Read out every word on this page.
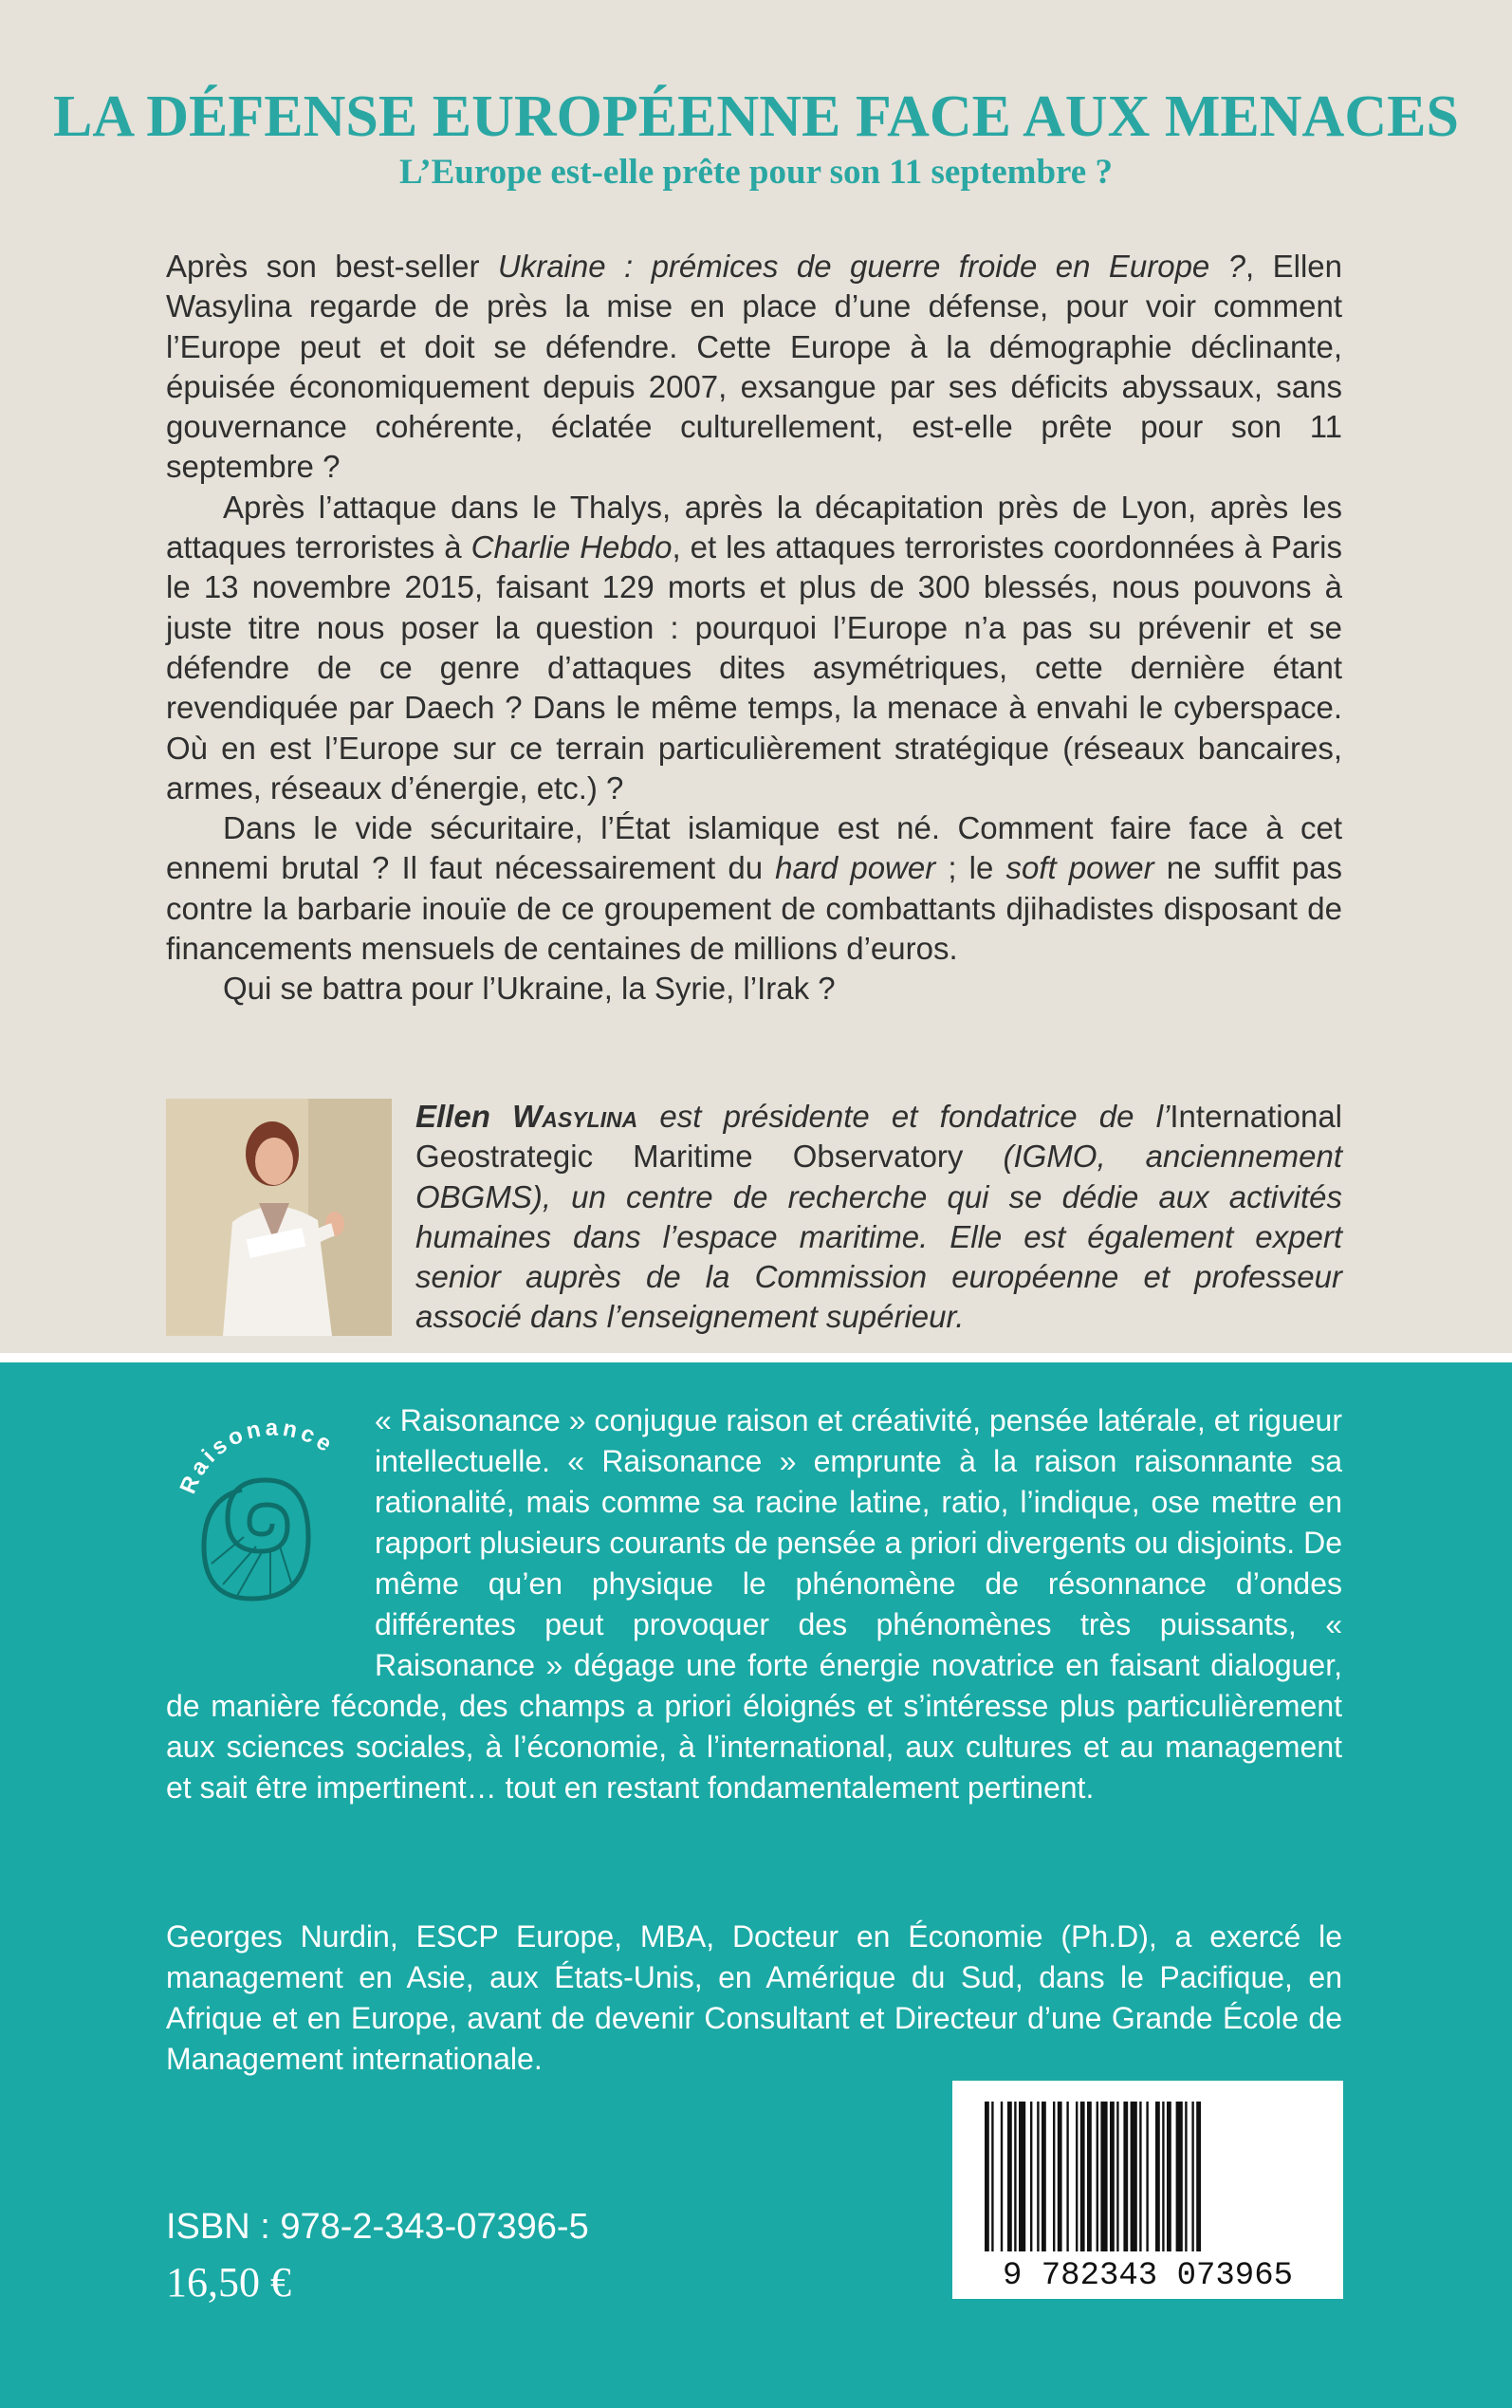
LA DÉFENSE EUROPÉENNE FACE AUX MENACES
L’Europe est-elle prête pour son 11 septembre ?

Après son best-seller Ukraine : prémices de guerre froide en Europe ?, Ellen Wasylina regarde de près la mise en place d’une défense, pour voir comment l’Europe peut et doit se défendre. Cette Europe à la démographie déclinante, épuisée économiquement depuis 2007, exsangue par ses déficits abyssaux, sans gouvernance cohérente, éclatée culturellement, est-elle prête pour son 11 septembre ?

Après l’attaque dans le Thalys, après la décapitation près de Lyon, après les attaques terroristes à Charlie Hebdo, et les attaques terroristes coordonnées à Paris le 13 novembre 2015, faisant 129 morts et plus de 300 blessés, nous pouvons à juste titre nous poser la question : pourquoi l’Europe n’a pas su prévenir et se défendre de ce genre d’attaques dites asymétriques, cette dernière étant revendiquée par Daech ? Dans le même temps, la menace à envahi le cyberspace. Où en est l’Europe sur ce terrain particulièrement stratégique (réseaux bancaires, armes, réseaux d’énergie, etc.) ?

Dans le vide sécuritaire, l’État islamique est né. Comment faire face à cet ennemi brutal ? Il faut nécessairement du hard power ; le soft power ne suffit pas contre la barbarie inouïe de ce groupement de combattants djihadistes disposant de financements mensuels de centaines de millions d’euros.

Qui se battra pour l’Ukraine, la Syrie, l’Irak ?

Ellen Wasylina est présidente et fondatrice de l’International Geostrategic Maritime Observatory (IGMO, anciennement OBGMS), un centre de recherche qui se dédie aux activités humaines dans l’espace maritime. Elle est également expert senior auprès de la Commission européenne et professeur associé dans l’enseignement supérieur.
Raisonance
« Raisonance » conjugue raison et créativité, pensée latérale, et rigueur intellectuelle. « Raisonance » emprunte à la raison raisonnante sa rationalité, mais comme sa racine latine, ratio, l’indique, ose mettre en rapport plusieurs courants de pensée a priori divergents ou disjoints. De même qu’en physique le phénomène de résonnance d’ondes différentes peut provoquer des phénomènes très puissants, « Raisonance » dégage une forte énergie novatrice en faisant dialoguer, de manière féconde, des champs a priori éloignés et s’intéresse plus particulièrement aux sciences sociales, à l’économie, à l’international, aux cultures et au management et sait être impertinent… tout en restant fondamentalement pertinent.
Georges Nurdin, ESCP Europe, MBA, Docteur en Économie (Ph.D), a exercé le management en Asie, aux États-Unis, en Amérique du Sud, dans le Pacifique, en Afrique et en Europe, avant de devenir Consultant et Directeur d’une Grande École de Management internationale.
9 782343 073965

ISBN : 978-2-343-07396-5

16,50 €
